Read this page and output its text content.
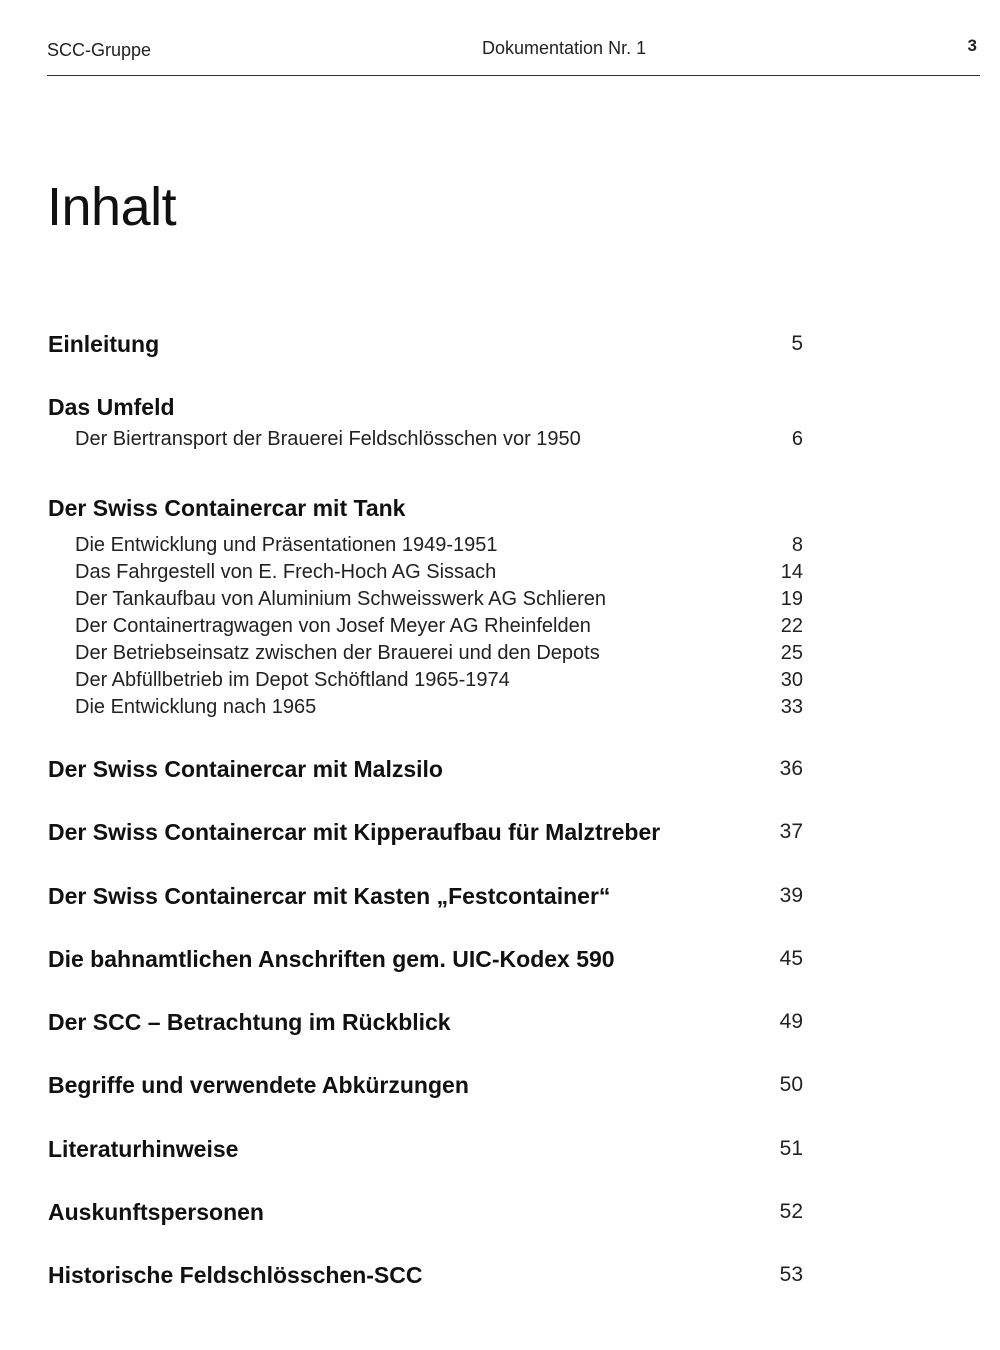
SCC-Gruppe	Dokumentation Nr. 1	3
Inhalt
Einleitung	5
Das Umfeld
Der Biertransport der Brauerei Feldschlösschen vor 1950	6
Der Swiss Containercar mit Tank
Die Entwicklung und Präsentationen 1949-1951	8
Das Fahrgestell von E. Frech-Hoch AG Sissach	14
Der Tankaufbau von Aluminium Schweisswerk AG Schlieren	19
Der Containertragwagen von Josef Meyer AG Rheinfelden	22
Der Betriebseinsatz zwischen der Brauerei und den Depots	25
Der Abfüllbetrieb im Depot Schöftland 1965-1974	30
Die Entwicklung nach 1965	33
Der Swiss Containercar mit Malzsilo	36
Der Swiss Containercar mit Kipperaufbau für Malztreber	37
Der Swiss Containercar mit Kasten „Festcontainer“	39
Die bahnamtlichen Anschriften gem. UIC-Kodex 590	45
Der SCC – Betrachtung im Rückblick	49
Begriffe und verwendete Abkürzungen	50
Literaturhinweise	51
Auskunftspersonen	52
Historische Feldschlösschen-SCC	53
